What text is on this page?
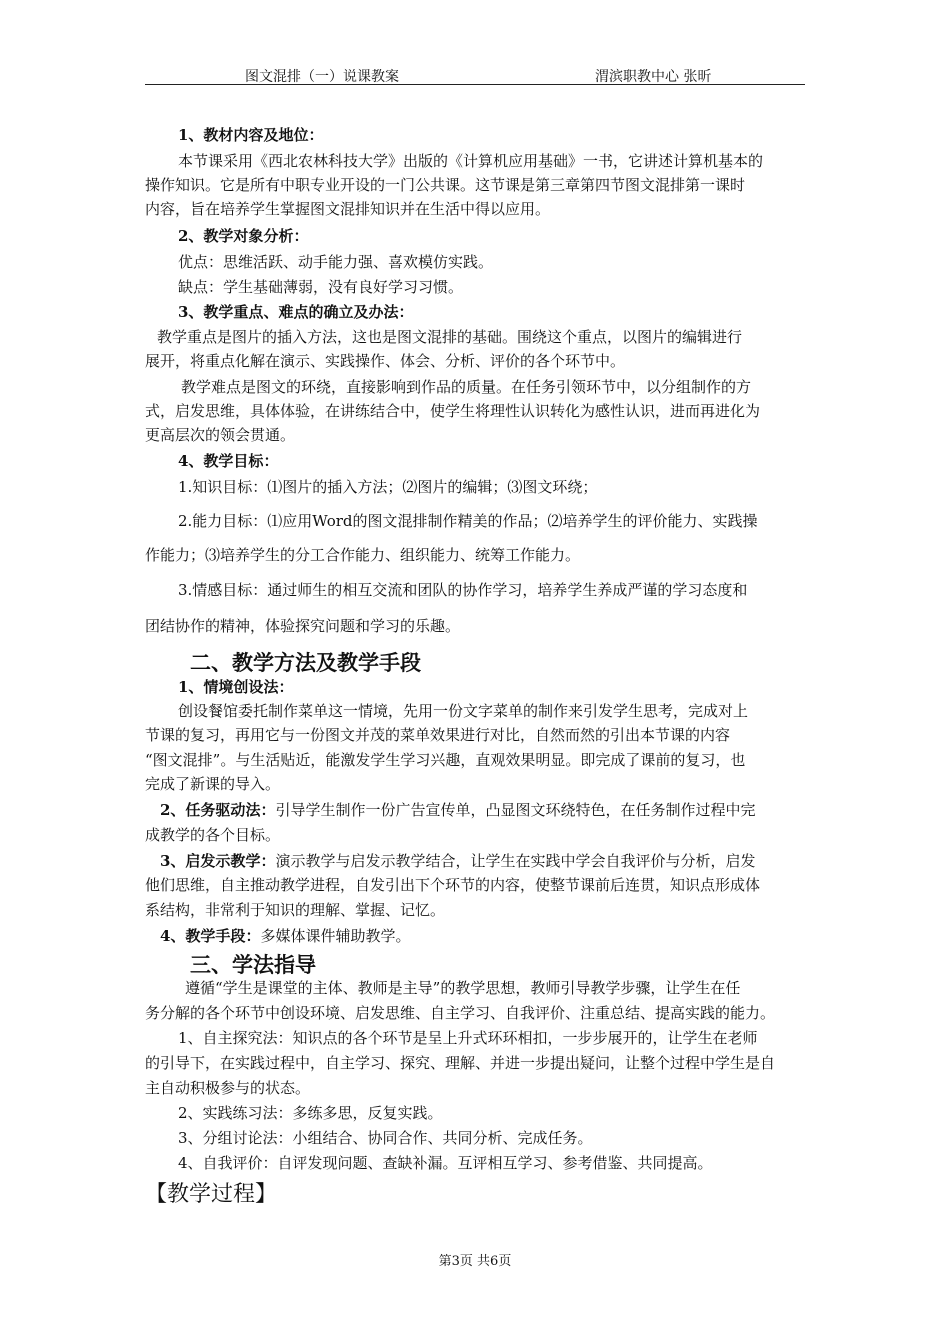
图文混排（一）说课教案	渭滨职教中心 张昕
1、教材内容及地位：
本节课采用《西北农林科技大学》出版的《计算机应用基础》一书，它讲述计算机基本的
操作知识。它是所有中职专业开设的一门公共课。这节课是第三章第四节图文混排第一课时
内容，旨在培养学生掌握图文混排知识并在生活中得以应用。
2、教学对象分析：
优点：思维活跃、动手能力强、喜欢模仿实践。
缺点：学生基础薄弱，没有良好学习习惯。
3、教学重点、难点的确立及办法：
教学重点是图片的插入方法，这也是图文混排的基础。围绕这个重点，以图片的编辑进行
展开，将重点化解在演示、实践操作、体会、分析、评价的各个环节中。
教学难点是图文的环绕，直接影响到作品的质量。在任务引领环节中，以分组制作的方
式，启发思维，具体体验，在讲练结合中，使学生将理性认识转化为感性认识，进而再进化为
更高层次的领会贯通。
4、教学目标：
1.知识目标：⑴图片的插入方法；⑵图片的编辑；⑶图文环绕；
2.能力目标：⑴应用Word的图文混排制作精美的作品；⑵培养学生的评价能力、实践操
作能力；⑶培养学生的分工合作能力、组织能力、统筹工作能力。
3.情感目标：通过师生的相互交流和团队的协作学习，培养学生养成严谨的学习态度和
团结协作的精神，体验探究问题和学习的乐趣。
二、教学方法及教学手段
1、情境创设法：
创设餐馆委托制作菜单这一情境，先用一份文字菜单的制作来引发学生思考，完成对上
节课的复习，再用它与一份图文并茂的菜单效果进行对比，自然而然的引出本节课的内容
“图文混排”。与生活贴近，能激发学生学习兴趣，直观效果明显。即完成了课前的复习，也
完成了新课的导入。
2、任务驱动法：引导学生制作一份广告宣传单，凸显图文环绕特色，在任务制作过程中完
成教学的各个目标。
3、启发示教学：演示教学与启发示教学结合，让学生在实践中学会自我评价与分析，启发
他们思维，自主推动教学进程，自发引出下个环节的内容，使整节课前后连贯，知识点形成体
系结构，非常利于知识的理解、掌握、记忆。
4、教学手段：多媒体课件辅助教学。
三、学法指导
遵循“学生是课堂的主体、教师是主导”的教学思想，教师引导教学步骤，让学生在任
务分解的各个环节中创设环境、启发思维、自主学习、自我评价、注重总结、提高实践的能力。
1、自主探究法：知识点的各个环节是呈上升式环环相扣，一步步展开的，让学生在老师
的引导下，在实践过程中，自主学习、探究、理解、并进一步提出疑问，让整个过程中学生是自
主自动积极参与的状态。
2、实践练习法：多练多思，反复实践。
3、分组讨论法：小组结合、协同合作、共同分析、完成任务。
4、自我评价：自评发现问题、查缺补漏。互评相互学习、参考借鉴、共同提高。
【教学过程】
第3页 共6页
